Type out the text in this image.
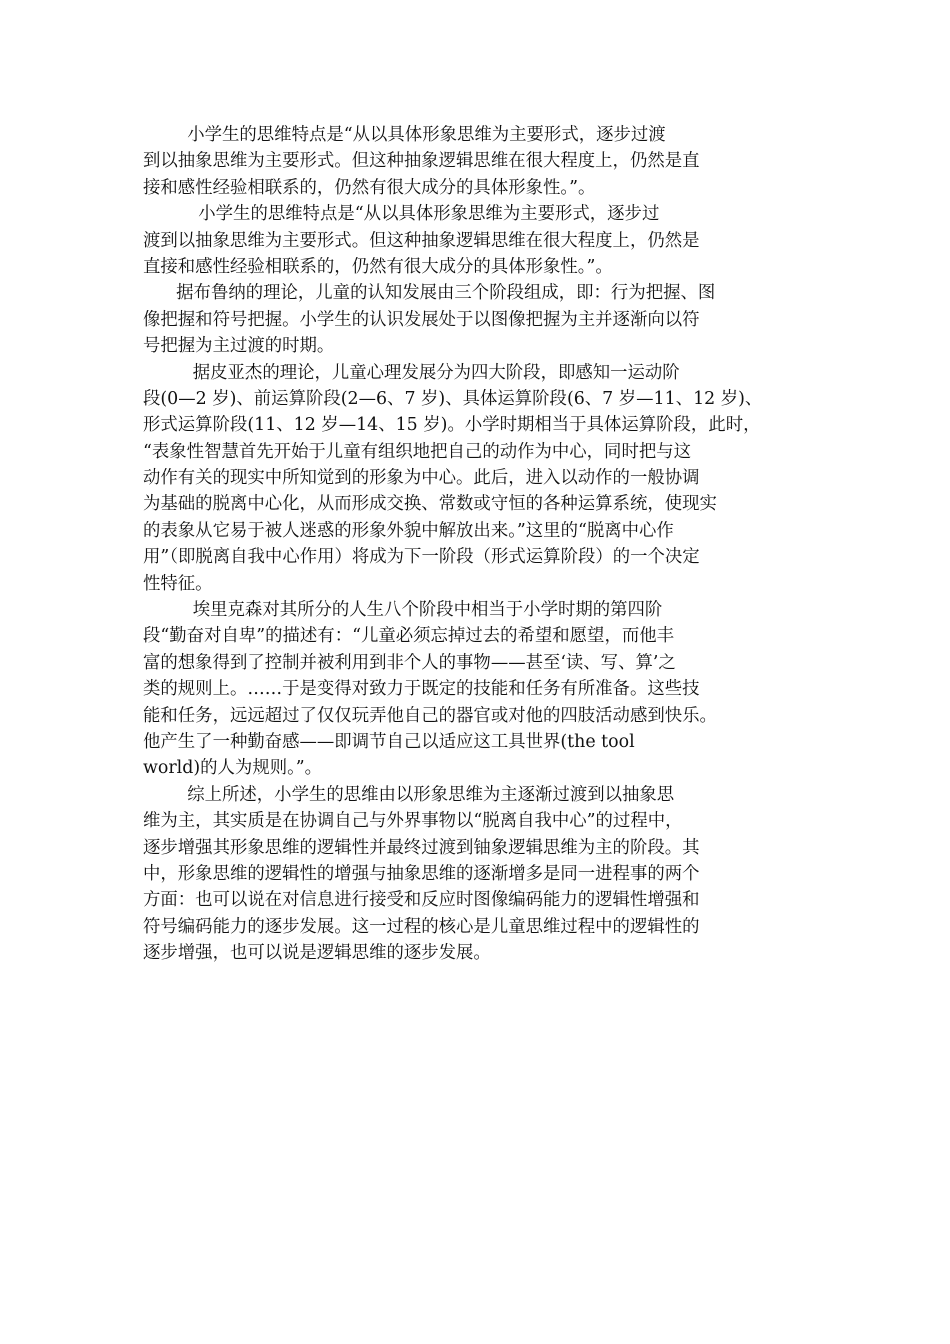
小学生的思维特点是“从以具体形象思维为主要形式，逐步过渡
到以抽象思维为主要形式。但这种抽象逻辑思维在很大程度上，仍然是直
接和感性经验相联系的，仍然有很大成分的具体形象性。”。
小学生的思维特点是“从以具体形象思维为主要形式，逐步过
渡到以抽象思维为主要形式。但这种抽象逻辑思维在很大程度上，仍然是
直接和感性经验相联系的，仍然有很大成分的具体形象性。”。
据布鲁纳的理论，儿童的认知发展由三个阶段组成，即：行为把握、图
像把握和符号把握。小学生的认识发展处于以图像把握为主并逐渐向以符
号把握为主过渡的时期。
据皮亚杰的理论，儿童心理发展分为四大阶段，即感知一运动阶
段(0—2 岁)、前运算阶段(2—6、7 岁)、具体运算阶段(6、7 岁—11、12 岁)、
形式运算阶段(11、12 岁—14、15 岁)。小学时期相当于具体运算阶段，此时，
“表象性智慧首先开始于儿童有组织地把自己的动作为中心，同时把与这
动作有关的现实中所知觉到的形象为中心。此后，进入以动作的一般协调
为基础的脱离中心化，从而形成交换、常数或守恒的各种运算系统，使现实
的表象从它易于被人迷惑的形象外貌中解放出来。”这里的“脱离中心作
用”（即脱离自我中心作用）将成为下一阶段（形式运算阶段）的一个决定
性特征。
埃里克森对其所分的人生八个阶段中相当于小学时期的第四阶
段“勤奋对自卑”的描述有：“儿童必须忘掉过去的希望和愿望，而他丰
富的想象得到了控制并被利用到非个人的事物——甚至‘读、写、算’之
类的规则上。……于是变得对致力于既定的技能和任务有所准备。这些技
能和任务，远远超过了仅仅玩弄他自己的器官或对他的四肢活动感到快乐。
他产生了一种勤奋感——即调节自己以适应这工具世界(the tool
world)的人为规则。”。
综上所述，小学生的思维由以形象思维为主逐渐过渡到以抽象思
维为主，其实质是在协调自己与外界事物以“脱离自我中心”的过程中，
逐步增强其形象思维的逻辑性并最终过渡到铀象逻辑思维为主的阶段。其
中，形象思维的逻辑性的增强与抽象思维的逐渐增多是同一进程事的两个
方面：也可以说在对信息进行接受和反应时图像编码能力的逻辑性增强和
符号编码能力的逐步发展。这一过程的核心是儿童思维过程中的逻辑性的
逐步增强，也可以说是逻辑思维的逐步发展。
